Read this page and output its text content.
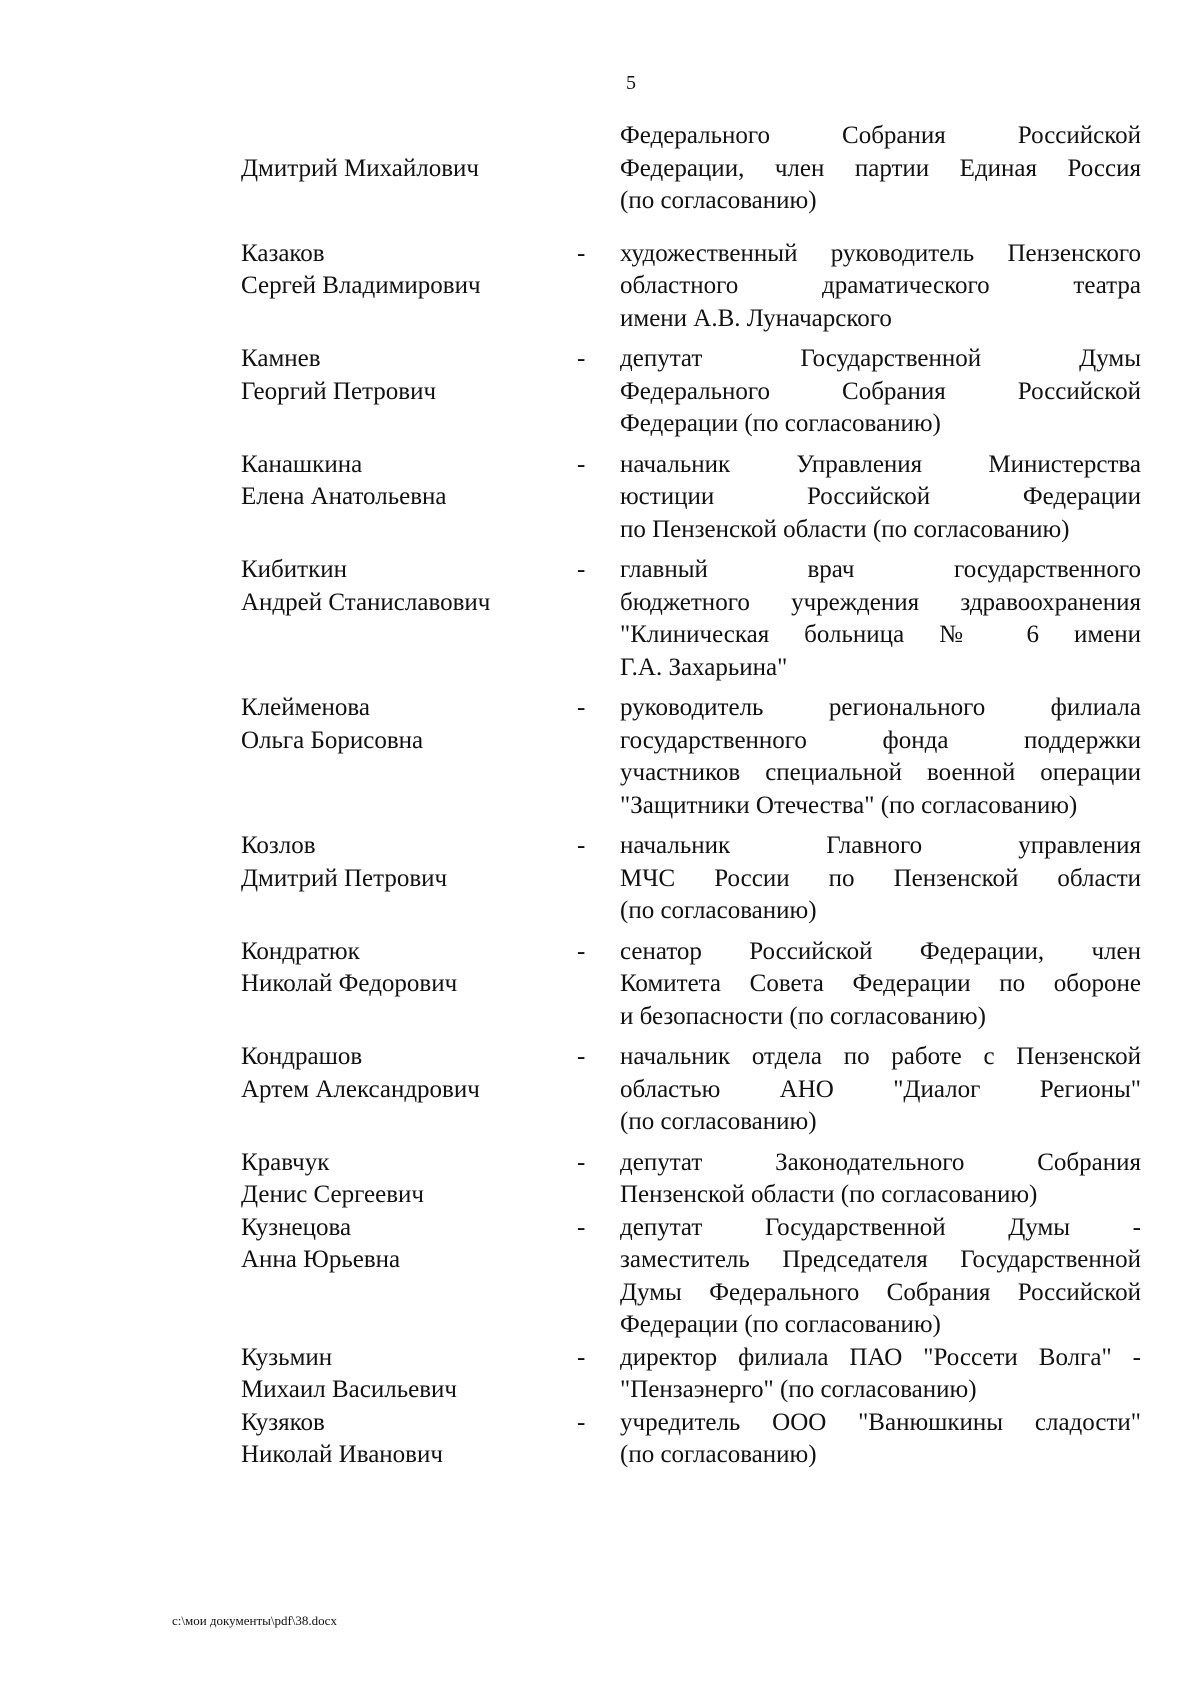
5

Дмитрий Михайлович
Федерального Собрания Российской
Федерации, член партии Единая Россия
(по согласованию)
Казаков
Сергей Владимирович
-	художественный руководитель Пензенского
областного драматического театра
имени А.В. Луначарского
Камнев
Георгий Петрович
-	депутат Государственной Думы
Федерального Собрания Российской
Федерации (по согласованию)
Канашкина
Елена Анатольевна
-	начальник Управления Министерства
юстиции Российской Федерации
по Пензенской области (по согласованию)
Кибиткин
Андрей Станиславович
-	главный врач государственного
бюджетного учреждения здравоохранения
"Клиническая больница № 6 имени
Г.А. Захарьина"
Клейменова
Ольга Борисовна
-	руководитель регионального филиала
государственного фонда поддержки
участников специальной военной операции
"Защитники Отечества" (по согласованию)
Козлов
Дмитрий Петрович
-	начальник Главного управления
МЧС России по Пензенской области
(по согласованию)
Кондратюк
Николай Федорович
-	сенатор Российской Федерации, член
Комитета Совета Федерации по обороне
и безопасности (по согласованию)
Кондрашов
Артем Александрович
-	начальник отдела по работе с Пензенской
областью АНО "Диалог Регионы"
(по согласованию)
Кравчук
Денис Сергеевич
-	депутат Законодательного Собрания
Пензенской области (по согласованию)
Кузнецова
Анна Юрьевна
-	депутат Государственной Думы -
заместитель Председателя Государственной
Думы Федерального Собрания Российской
Федерации (по согласованию)
Кузьмин
Михаил Васильевич
-	директор филиала ПАО "Россети Волга" -
"Пензаэнерго" (по согласованию)
Кузяков
Николай Иванович
-	учредитель ООО "Ванюшкины сладости"
(по согласованию)
c:\мои документы\pdf\38.docx
